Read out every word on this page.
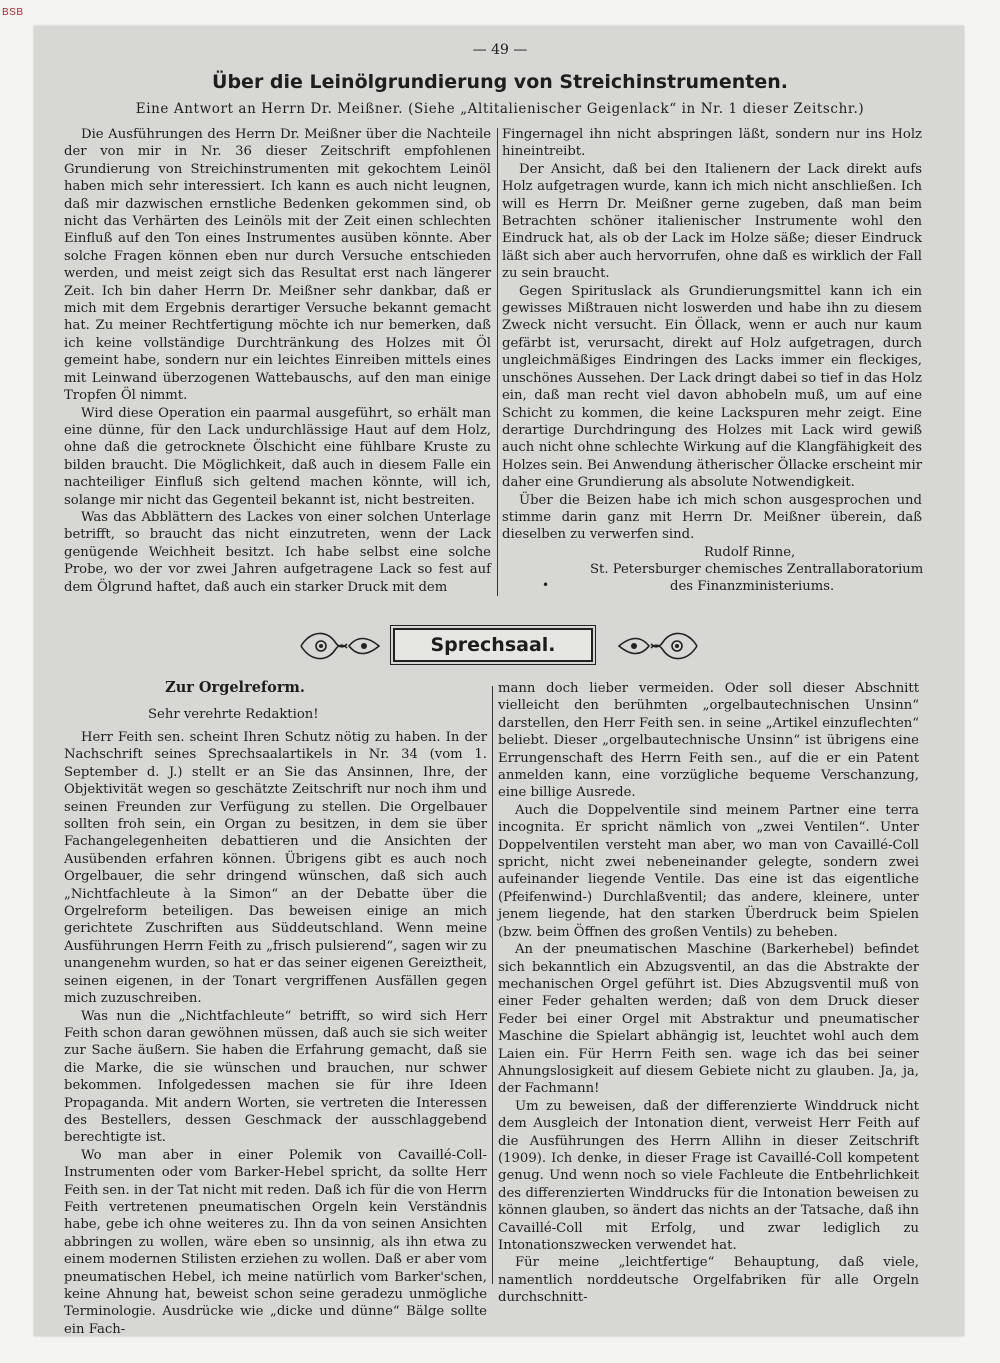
BSB
— 49 —
Über die Leinölgrundierung von Streichinstrumenten.
Eine Antwort an Herrn Dr. Meißner. (Siehe „Altitalienischer Geigenlack“ in Nr. 1 dieser Zeitschr.)

Die Ausführungen des Herrn Dr. Meißner über die Nachteile der von mir in Nr. 36 dieser Zeitschrift empfohlenen Grundierung von Streichinstrumenten mit gekochtem Leinöl haben mich sehr interessiert. Ich kann es auch nicht leugnen, daß mir dazwischen ernstliche Bedenken gekommen sind, ob nicht das Verhärten des Leinöls mit der Zeit einen schlechten Einfluß auf den Ton eines Instrumentes ausüben könnte. Aber solche Fragen können eben nur durch Versuche entschieden werden, und meist zeigt sich das Resultat erst nach längerer Zeit. Ich bin daher Herrn Dr. Meißner sehr dankbar, daß er mich mit dem Ergebnis derartiger Versuche bekannt gemacht hat. Zu meiner Rechtfertigung möchte ich nur bemerken, daß ich keine vollständige Durchtränkung des Holzes mit Öl gemeint habe, sondern nur ein leichtes Einreiben mittels eines mit Leinwand überzogenen Wattebauschs, auf den man einige Tropfen Öl nimmt.

Wird diese Operation ein paarmal ausgeführt, so erhält man eine dünne, für den Lack undurchlässige Haut auf dem Holz, ohne daß die getrocknete Ölschicht eine fühlbare Kruste zu bilden braucht. Die Möglichkeit, daß auch in diesem Falle ein nachteiliger Einfluß sich geltend machen könnte, will ich, solange mir nicht das Gegenteil bekannt ist, nicht bestreiten.

Was das Abblättern des Lackes von einer solchen Unterlage betrifft, so braucht das nicht einzutreten, wenn der Lack genügende Weichheit besitzt. Ich habe selbst eine solche Probe, wo der vor zwei Jahren aufgetragene Lack so fest auf dem Ölgrund haftet, daß auch ein starker Druck mit dem

Fingernagel ihn nicht abspringen läßt, sondern nur ins Holz hineintreibt.

Der Ansicht, daß bei den Italienern der Lack direkt aufs Holz aufgetragen wurde, kann ich mich nicht anschließen. Ich will es Herrn Dr. Meißner gerne zugeben, daß man beim Betrachten schöner italienischer Instrumente wohl den Eindruck hat, als ob der Lack im Holze säße; dieser Eindruck läßt sich aber auch hervorrufen, ohne daß es wirklich der Fall zu sein braucht.

Gegen Spirituslack als Grundierungsmittel kann ich ein gewisses Mißtrauen nicht loswerden und habe ihn zu diesem Zweck nicht versucht. Ein Öllack, wenn er auch nur kaum gefärbt ist, verursacht, direkt auf Holz aufgetragen, durch ungleichmäßiges Eindringen des Lacks immer ein fleckiges, unschönes Aussehen. Der Lack dringt dabei so tief in das Holz ein, daß man recht viel davon abhobeln muß, um auf eine Schicht zu kommen, die keine Lackspuren mehr zeigt. Eine derartige Durchdringung des Holzes mit Lack wird gewiß auch nicht ohne schlechte Wirkung auf die Klangfähigkeit des Holzes sein. Bei Anwendung ätherischer Öllacke erscheint mir daher eine Grundierung als absolute Notwendigkeit.

Über die Beizen habe ich mich schon ausgesprochen und stimme darin ganz mit Herrn Dr. Meißner überein, daß dieselben zu verwerfen sind.

Rudolf Rinne,
St. Petersburger chemisches Zentrallaboratorium
des Finanzministeriums.
•
Sprechsaal.
Zur Orgelreform.
Sehr verehrte Redaktion!

Herr Feith sen. scheint Ihren Schutz nötig zu haben. In der Nachschrift seines Sprechsaalartikels in Nr. 34 (vom 1. September d. J.) stellt er an Sie das Ansinnen, Ihre, der Objektivität wegen so geschätzte Zeitschrift nur noch ihm und seinen Freunden zur Verfügung zu stellen. Die Orgelbauer sollten froh sein, ein Organ zu besitzen, in dem sie über Fachangelegenheiten debattieren und die Ansichten der Ausübenden erfahren können. Übrigens gibt es auch noch Orgelbauer, die sehr dringend wünschen, daß sich auch „Nichtfachleute à la Simon“ an der Debatte über die Orgelreform beteiligen. Das beweisen einige an mich gerichtete Zuschriften aus Süddeutschland. Wenn meine Ausführungen Herrn Feith zu „frisch pulsierend“, sagen wir zu unangenehm wurden, so hat er das seiner eigenen Gereiztheit, seinen eigenen, in der Tonart vergriffenen Ausfällen gegen mich zuzuschreiben.

Was nun die „Nichtfachleute“ betrifft, so wird sich Herr Feith schon daran gewöhnen müssen, daß auch sie sich weiter zur Sache äußern. Sie haben die Erfahrung gemacht, daß sie die Marke, die sie wünschen und brauchen, nur schwer bekommen. Infolgedessen machen sie für ihre Ideen Propaganda. Mit andern Worten, sie vertreten die Interessen des Bestellers, dessen Geschmack der ausschlaggebend berechtigte ist.

Wo man aber in einer Polemik von Cavaillé-Coll-Instrumenten oder vom Barker-Hebel spricht, da sollte Herr Feith sen. in der Tat nicht mit reden. Daß ich für die von Herrn Feith vertretenen pneumatischen Orgeln kein Verständnis habe, gebe ich ohne weiteres zu. Ihn da von seinen Ansichten abbringen zu wollen, wäre eben so unsinnig, als ihn etwa zu einem modernen Stilisten erziehen zu wollen. Daß er aber vom pneumatischen Hebel, ich meine natürlich vom Barker'schen, keine Ahnung hat, beweist schon seine geradezu unmögliche Terminologie. Ausdrücke wie „dicke und dünne“ Bälge sollte ein Fach-

mann doch lieber vermeiden. Oder soll dieser Abschnitt vielleicht den berühmten „orgelbautechnischen Unsinn“ darstellen, den Herr Feith sen. in seine „Artikel einzuflechten“ beliebt. Dieser „orgelbautechnische Unsinn“ ist übrigens eine Errungenschaft des Herrn Feith sen., auf die er ein Patent anmelden kann, eine vorzügliche bequeme Verschanzung, eine billige Ausrede.

Auch die Doppelventile sind meinem Partner eine terra incognita. Er spricht nämlich von „zwei Ventilen“. Unter Doppelventilen versteht man aber, wo man von Cavaillé-Coll spricht, nicht zwei nebeneinander gelegte, sondern zwei aufeinander liegende Ventile. Das eine ist das eigentliche (Pfeifenwind-) Durchlaßventil; das andere, kleinere, unter jenem liegende, hat den starken Überdruck beim Spielen (bzw. beim Öffnen des großen Ventils) zu beheben.

An der pneumatischen Maschine (Barkerhebel) befindet sich bekanntlich ein Abzugsventil, an das die Abstrakte der mechanischen Orgel geführt ist. Dies Abzugsventil muß von einer Feder gehalten werden; daß von dem Druck dieser Feder bei einer Orgel mit Abstraktur und pneumatischer Maschine die Spielart abhängig ist, leuchtet wohl auch dem Laien ein. Für Herrn Feith sen. wage ich das bei seiner Ahnungslosigkeit auf diesem Gebiete nicht zu glauben. Ja, ja, der Fachmann!

Um zu beweisen, daß der differenzierte Winddruck nicht dem Ausgleich der Intonation dient, verweist Herr Feith auf die Ausführungen des Herrn Allihn in dieser Zeitschrift (1909). Ich denke, in dieser Frage ist Cavaillé-Coll kompetent genug. Und wenn noch so viele Fachleute die Entbehrlichkeit des differenzierten Winddrucks für die Intonation beweisen zu können glauben, so ändert das nichts an der Tatsache, daß ihn Cavaillé-Coll mit Erfolg, und zwar lediglich zu Intonationszwecken verwendet hat.

Für meine „leichtfertige“ Behauptung, daß viele, namentlich norddeutsche Orgelfabriken für alle Orgeln durchschnitt-
